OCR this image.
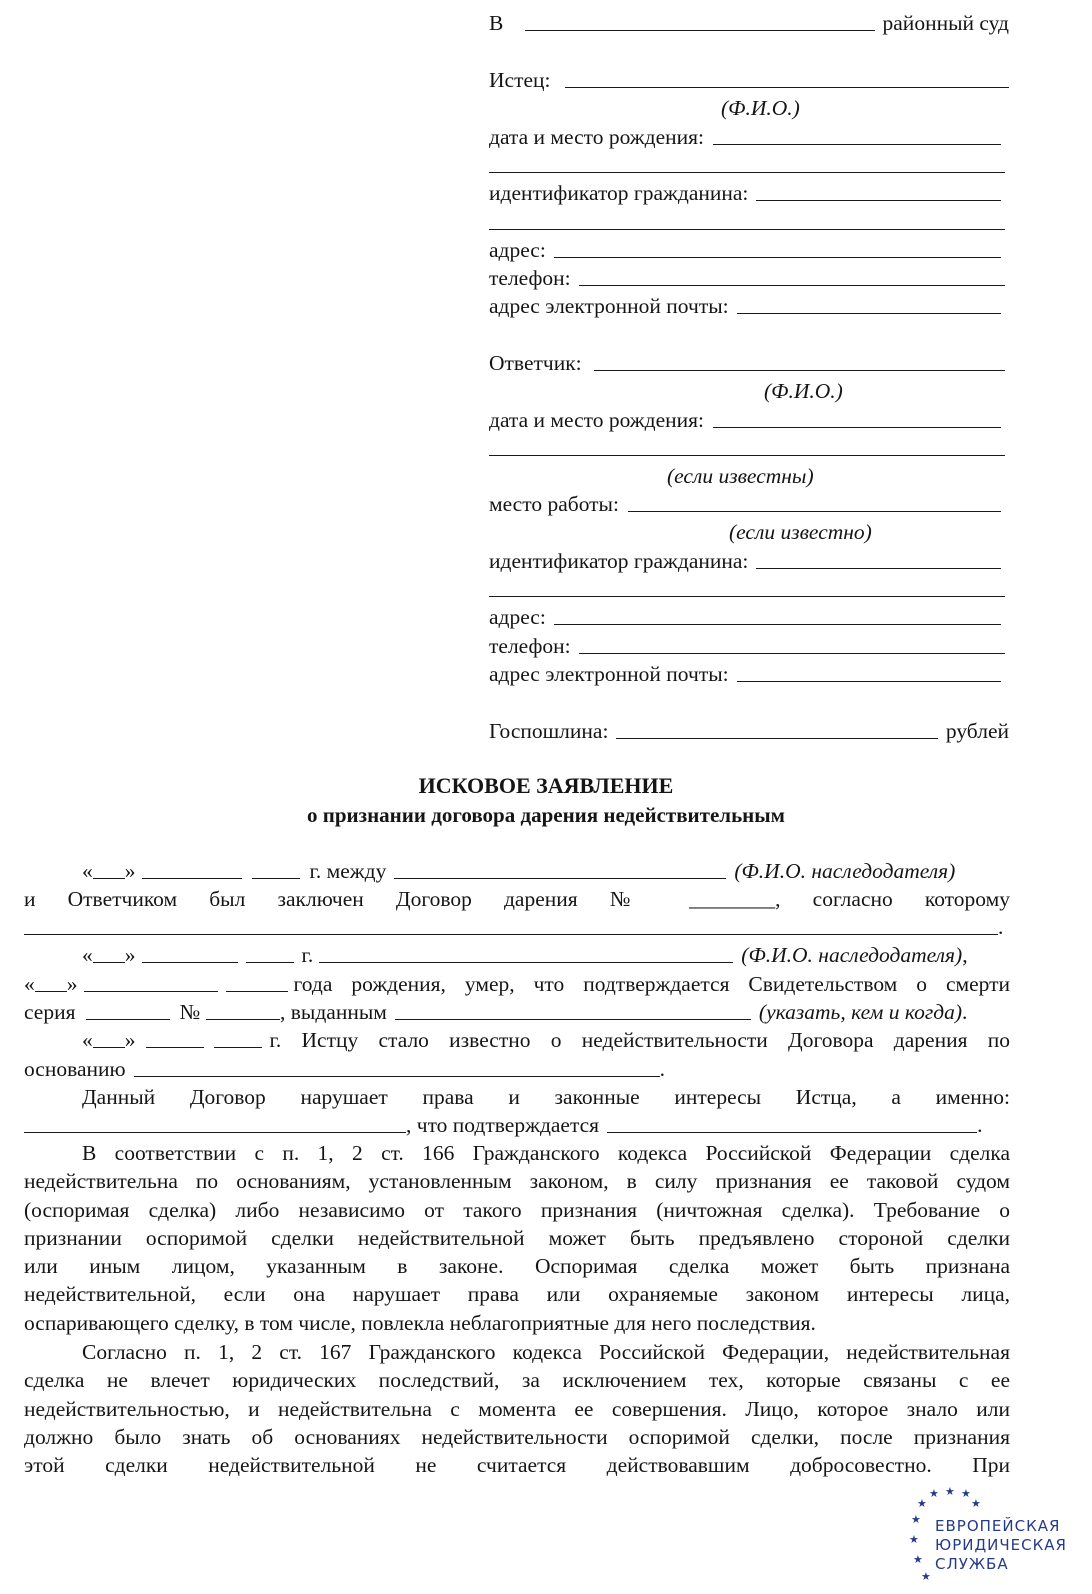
В	районный суд
Истец:
(Ф.И.О.)
дата и место рождения:
идентификатор гражданина:
адрес:
телефон:
адрес электронной почты:
Ответчик:
(Ф.И.О.)
дата и место рождения:
(если известны)
место работы:
(если известно)
идентификатор гражданина:
адрес:
телефон:
адрес электронной почты:
Госпошлина:	рублей
ИСКОВОЕ ЗАЯВЛЕНИЕ
о признании договора дарения недействительным
« »	г. между	(Ф.И.О. наследодателя)
и Ответчиком был заключен Договор дарения № ________, согласно которому
.
« »	г.	(Ф.И.О. наследодателя) ,
« »	года рождения, умер, что подтверждается Свидетельством о смерти
серия	№	, выданным	(указать, кем и когда) .
« »	г. Истцу стало известно о недействительности Договора дарения по
основанию	.
Данный Договор нарушает права и законные интересы Истца, а именно:
, что подтверждается	.
В соответствии с п. 1, 2 ст. 166 Гражданского кодекса Российской Федерации сделка
недействительна по основаниям, установленным законом, в силу признания ее таковой судом
(оспоримая сделка) либо независимо от такого признания (ничтожная сделка). Требование о
признании оспоримой сделки недействительной может быть предъявлено стороной сделки
или иным лицом, указанным в законе. Оспоримая сделка может быть признана
недействительной, если она нарушает права или охраняемые законом интересы лица,
оспаривающего сделку, в том числе, повлекла неблагоприятные для него последствия.
Согласно п. 1, 2 ст. 167 Гражданского кодекса Российской Федерации, недействительная
сделка не влечет юридических последствий, за исключением тех, которые связаны с ее
недействительностью, и недействительна с момента ее совершения. Лицо, которое знало или
должно было знать об основаниях недействительности оспоримой сделки, после признания
этой сделки недействительной не считается действовавшим добросовестно. При
★ ★ ★
★	★
★
★
★
★
ЕВРОПЕЙСКАЯ
ЮРИДИЧЕСКАЯ
СЛУЖБА
